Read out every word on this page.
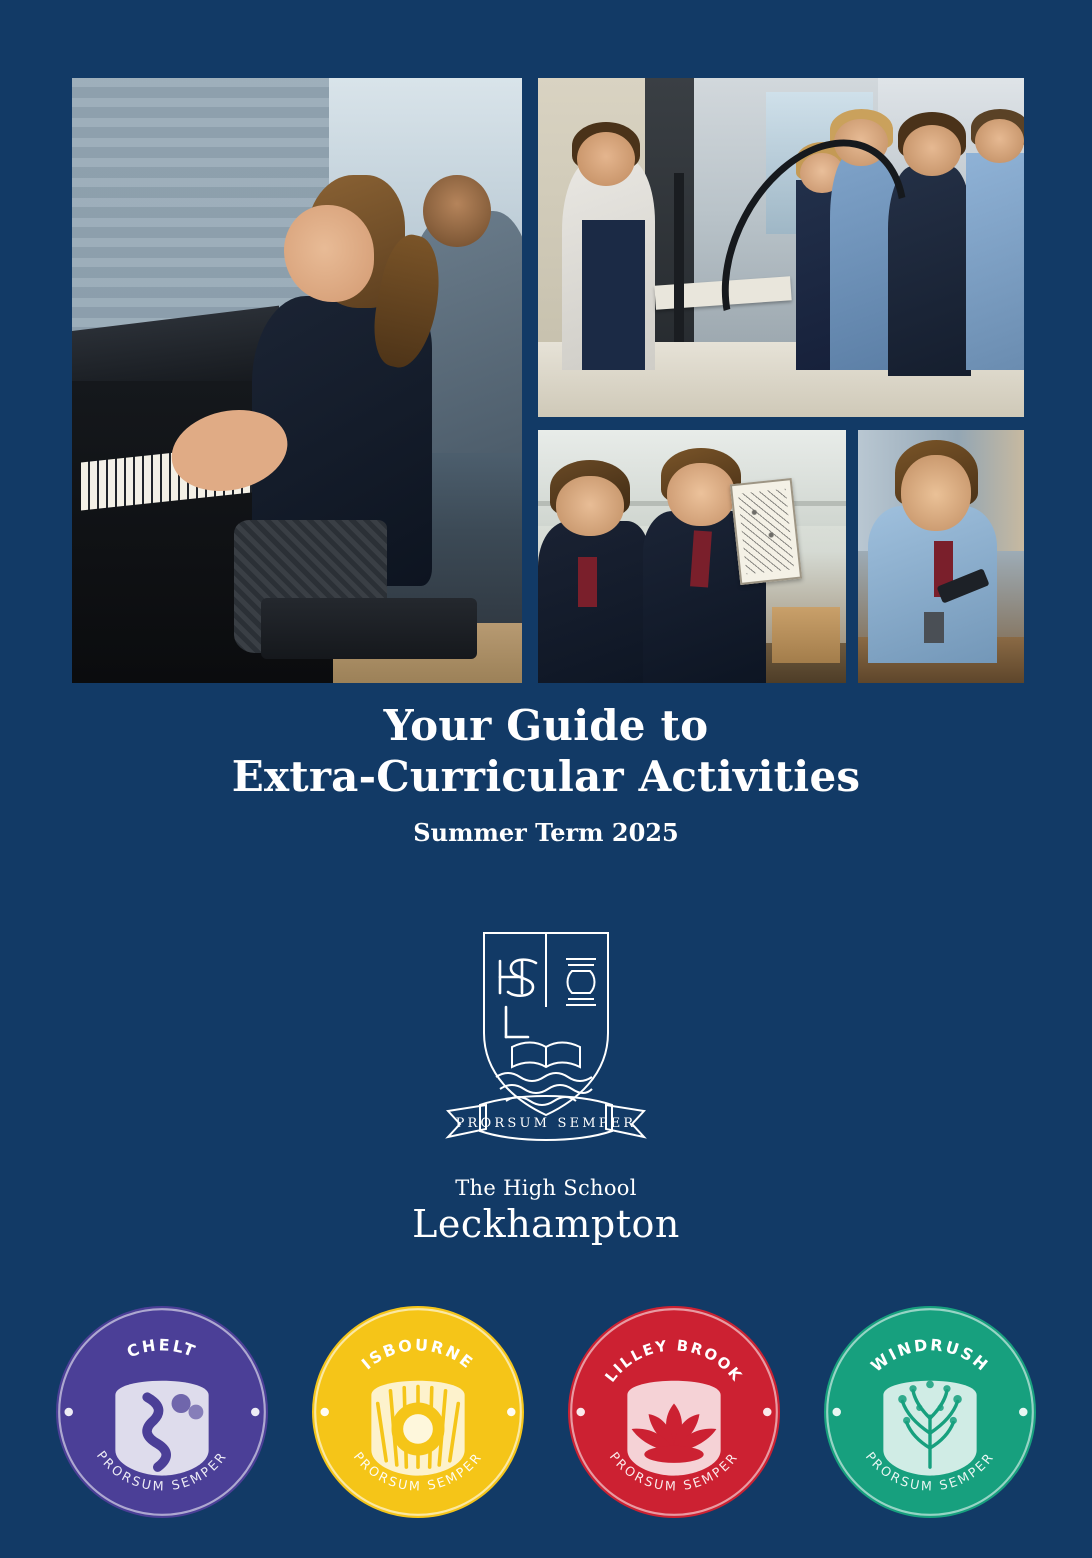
Your Guide to
Extra-Curricular Activities
Summer Term 2025
PRORSUM SEMPER
The High School
Leckhampton
CHELT
PRORSUM SEMPER
ISBOURNE
PRORSUM SEMPER
LILLEY BROOK
PRORSUM SEMPER
WINDRUSH
PRORSUM SEMPER
